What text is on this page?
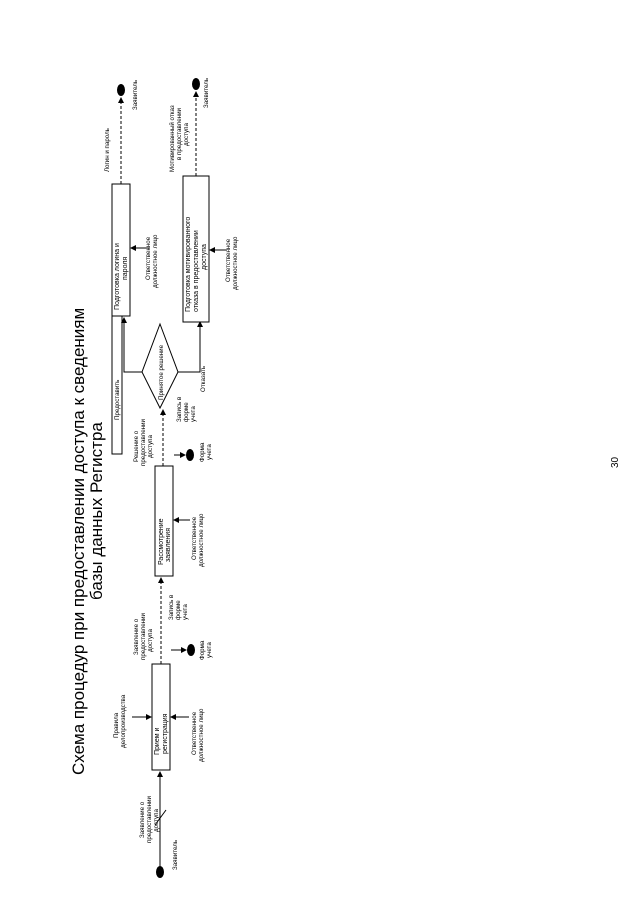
Схема процедур при предоставлении доступа к сведениям базы данных Регистра	30
Заявитель
Заявление о предоставлении доступа
Прием и регистрация
Правила делопроизводства	Ответственное должностное лицо
Форма учета
Запись в форме учета
Заявление о предоставлении доступа
Рассмотрение заявления	Ответственное должностное лицо
Форма учета
Запись в форме учета
Решение о предоставлении доступа
Принятое решение
Предоставить
Отказать
Подготовка логина и пароля	Ответственное должностное лицо
Логин и пароль
Заявитель
Подготовка мотивированного отказа в предоставлении доступа	Ответственное должностное лицо
Мотивированный отказ в предоставлении доступа
Заявитель
